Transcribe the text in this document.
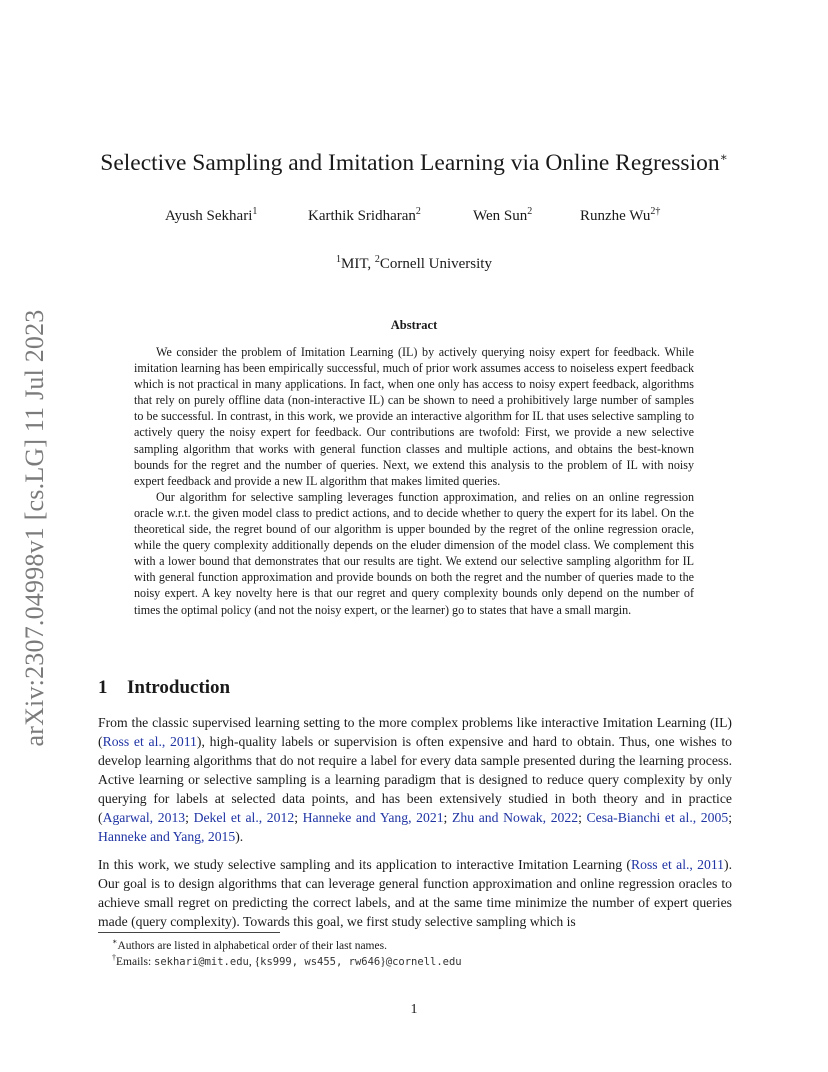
arXiv:2307.04998v1 [cs.LG] 11 Jul 2023
Selective Sampling and Imitation Learning via Online Regression∗
Ayush Sekhari$^1$	Karthik Sridharan$^2$	Wen Sun$^2$	Runzhe $Wu^{2\dagger}$
$^1$MIT, $^2$Cornell University
Abstract

We consider the problem of Imitation Learning (IL) by actively querying noisy expert for feedback. While imitation learning has been empirically successful, much of prior work assumes access to noiseless expert feedback which is not practical in many applications. In fact, when one only has access to noisy expert feedback, algorithms that rely on purely offline data (non-interactive IL) can be shown to need a prohibitively large number of samples to be successful. In contrast, in this work, we provide an interactive algorithm for IL that uses selective sampling to actively query the noisy expert for feedback. Our contributions are twofold: First, we provide a new selective sampling algorithm that works with general function classes and multiple actions, and obtains the best-known bounds for the regret and the number of queries. Next, we extend this analysis to the problem of IL with noisy expert feedback and provide a new IL algorithm that makes limited queries.

Our algorithm for selective sampling leverages function approximation, and relies on an online regression oracle w.r.t. the given model class to predict actions, and to decide whether to query the expert for its label. On the theoretical side, the regret bound of our algorithm is upper bounded by the regret of the online regression oracle, while the query complexity additionally depends on the eluder dimension of the model class. We complement this with a lower bound that demonstrates that our results are tight. We extend our selective sampling algorithm for IL with general function approximation and provide bounds on both the regret and the number of queries made to the noisy expert. A key novelty here is that our regret and query complexity bounds only depend on the number of times the optimal policy (and not the noisy expert, or the learner) go to states that have a small margin.

1 Introduction

From the classic supervised learning setting to the more complex problems like interactive Imitation Learning (IL) (Ross et al., 2011), high-quality labels or supervision is often expensive and hard to obtain. Thus, one wishes to develop learning algorithms that do not require a label for every data sample presented during the learning process. Active learning or selective sampling is a learning paradigm that is designed to reduce query complexity by only querying for labels at selected data points, and has been extensively studied in both theory and in practice (Agarwal, 2013; Dekel et al., 2012; Hanneke and Yang, 2021; Zhu and Nowak, 2022; Cesa-Bianchi et al., 2005; Hanneke and Yang, 2015).

In this work, we study selective sampling and its application to interactive Imitation Learning (Ross et al., 2011). Our goal is to design algorithms that can leverage general function approximation and online regression oracles to achieve small regret on predicting the correct labels, and at the same time minimize the number of expert queries made (query complexity). Towards this goal, we first study selective sampling which is

∗Authors are listed in alphabetical order of their last names.
†Emails: sekhari@mit.edu, {ks999, ws455, rw646}@cornell.edu
1
